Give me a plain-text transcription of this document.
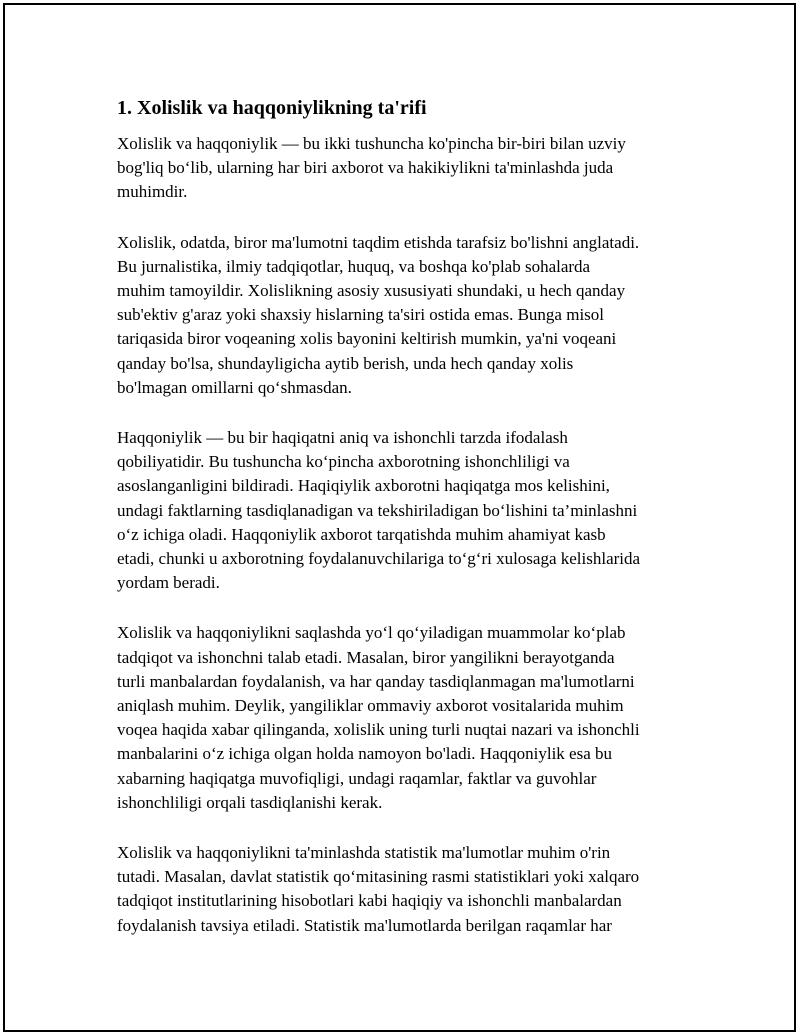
1. Xolislik va haqqoniylikning ta'rifi

Xolislik va haqqoniylik — bu ikki tushuncha ko'pincha bir-biri bilan uzviy
bog'liq bo‘lib, ularning har biri axborot va hakikiylikni ta'minlashda juda
muhimdir.

Xolislik, odatda, biror ma'lumotni taqdim etishda tarafsiz bo'lishni anglatadi.
Bu jurnalistika, ilmiy tadqiqotlar, huquq, va boshqa ko'plab sohalarda
muhim tamoyildir. Xolislikning asosiy xususiyati shundaki, u hech qanday
sub'ektiv g'araz yoki shaxsiy hislarning ta'siri ostida emas. Bunga misol
tariqasida biror voqeaning xolis bayonini keltirish mumkin, ya'ni voqeani
qanday bo'lsa, shundayligicha aytib berish, unda hech qanday xolis
bo'lmagan omillarni qo‘shmasdan.

Haqqoniylik — bu bir haqiqatni aniq va ishonchli tarzda ifodalash
qobiliyatidir. Bu tushuncha ko‘pincha axborotning ishonchliligi va
asoslanganligini bildiradi. Haqiqiylik axborotni haqiqatga mos kelishini,
undagi faktlarning tasdiqlanadigan va tekshiriladigan bo‘lishini ta’minlashni
o‘z ichiga oladi. Haqqoniylik axborot tarqatishda muhim ahamiyat kasb
etadi, chunki u axborotning foydalanuvchilariga to‘g‘ri xulosaga kelishlarida
yordam beradi.

Xolislik va haqqoniylikni saqlashda yo‘l qo‘yiladigan muammolar ko‘plab
tadqiqot va ishonchni talab etadi. Masalan, biror yangilikni berayotganda
turli manbalardan foydalanish, va har qanday tasdiqlanmagan ma'lumotlarni
aniqlash muhim. Deylik, yangiliklar ommaviy axborot vositalarida muhim
voqea haqida xabar qilinganda, xolislik uning turli nuqtai nazari va ishonchli
manbalarini o‘z ichiga olgan holda namoyon bo'ladi. Haqqoniylik esa bu
xabarning haqiqatga muvofiqligi, undagi raqamlar, faktlar va guvohlar
ishonchliligi orqali tasdiqlanishi kerak.

Xolislik va haqqoniylikni ta'minlashda statistik ma'lumotlar muhim o'rin
tutadi. Masalan, davlat statistik qo‘mitasining rasmi statistiklari yoki xalqaro
tadqiqot institutlarining hisobotlari kabi haqiqiy va ishonchli manbalardan
foydalanish tavsiya etiladi. Statistik ma'lumotlarda berilgan raqamlar har
